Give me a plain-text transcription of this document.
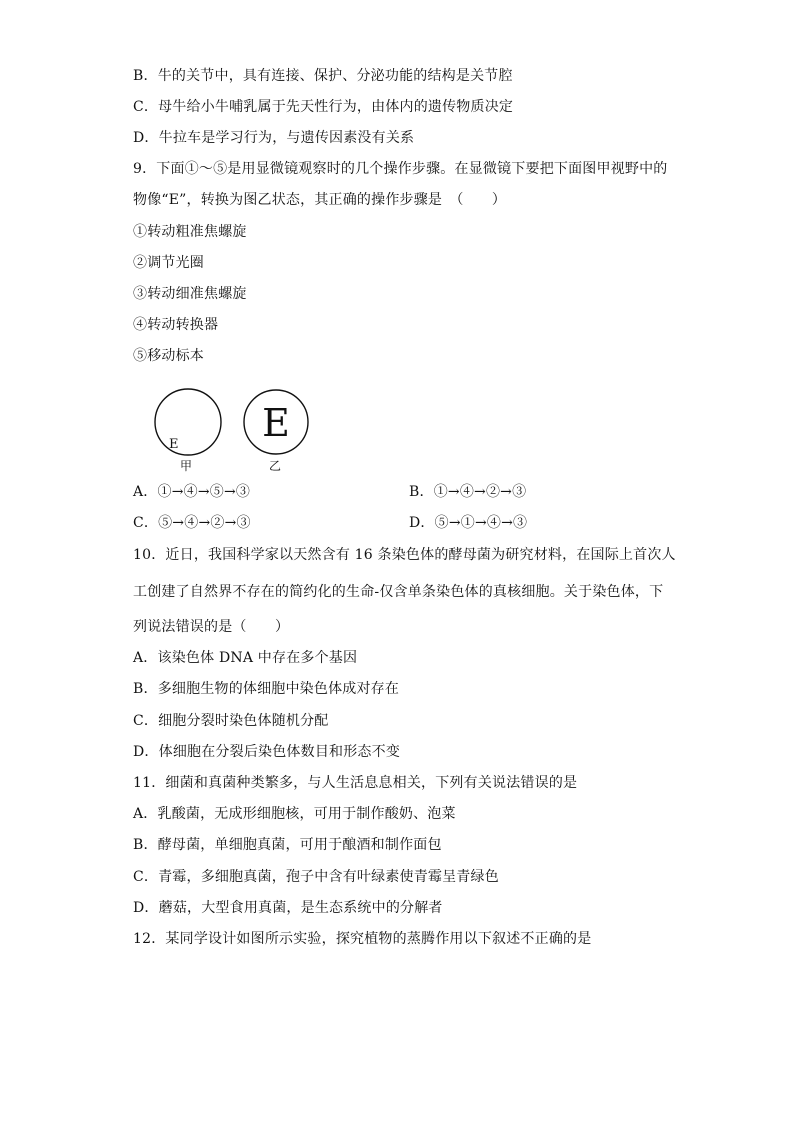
B．牛的关节中，具有连接、保护、分泌功能的结构是关节腔
C．母牛给小牛哺乳属于先天性行为，由体内的遗传物质决定
D．牛拉车是学习行为，与遗传因素没有关系
9．下面①～⑤是用显微镜观察时的几个操作步骤。在显微镜下要把下面图甲视野中的
物像“E”，转换为图乙状态，其正确的操作步骤是　（　　）
①转动粗准焦螺旋
②调节光圈
③转动细准焦螺旋
④转动转换器
⑤移动标本
E E
甲	乙
A．①→④→⑤→③	B．①→④→②→③
C．⑤→④→②→③	D．⑤→①→④→③
10．近日，我国科学家以天然含有 16 条染色体的酵母菌为研究材料，在国际上首次人
工创建了自然界不存在的简约化的生命-仅含单条染色体的真核细胞。关于染色体，下
列说法错误的是（　　）
A．该染色体 DNA 中存在多个基因
B．多细胞生物的体细胞中染色体成对存在
C．细胞分裂时染色体随机分配
D．体细胞在分裂后染色体数目和形态不变
11．细菌和真菌种类繁多，与人生活息息相关，下列有关说法错误的是
A．乳酸菌，无成形细胞核，可用于制作酸奶、泡菜
B．酵母菌，单细胞真菌，可用于酿酒和制作面包
C．青霉，多细胞真菌，孢子中含有叶绿素使青霉呈青绿色
D．蘑菇，大型食用真菌，是生态系统中的分解者
12．某同学设计如图所示实验，探究植物的蒸腾作用以下叙述不正确的是
